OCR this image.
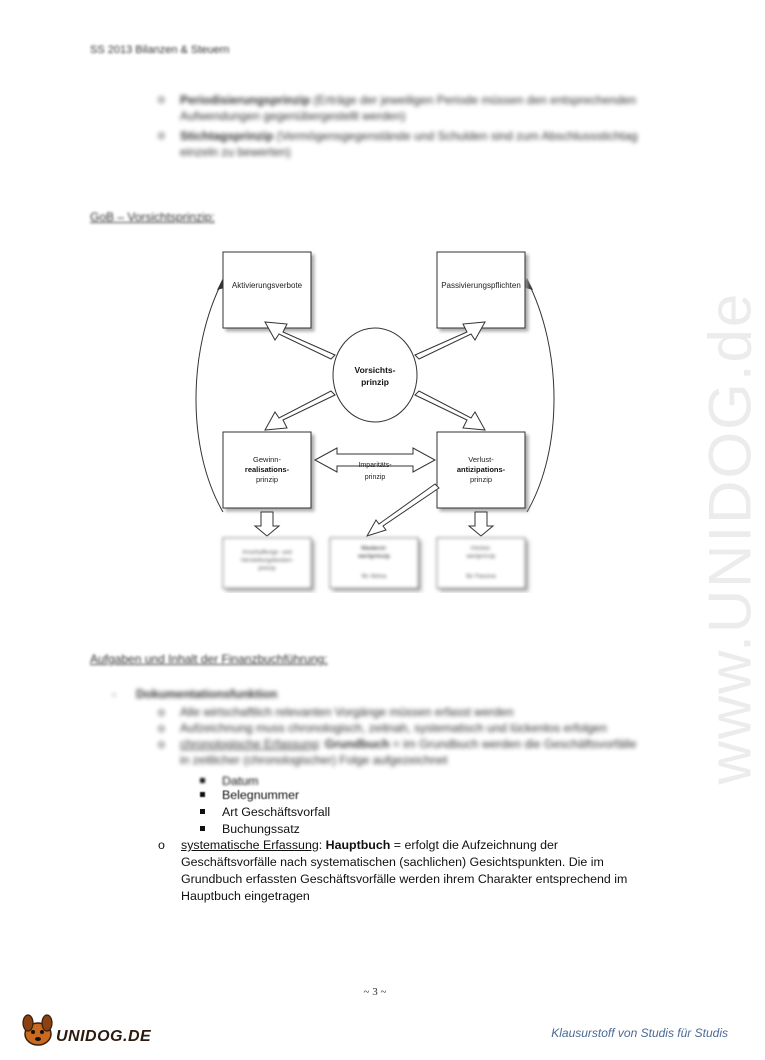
www.UNIDOG.de
SS 2013 Bilanzen & Steuern
o Periodisierungsprinzip (Erträge der jeweiligen Periode müssen den entsprechenden
Aufwendungen gegenübergestellt werden)
o Stichtagsprinzip (Vermögensgegenstände und Schulden sind zum Abschlussstichtag
einzeln zu bewerten)
GoB – Vorsichtsprinzip:
Anschaffungs- und
Herstellungskosten-
prinzip
Niederst-
wertprinzip
für Aktiva
Höchst-
wertprinzip
für Passiva
Aktivierungsverbote	Passivierungspflichten
Vorsichts-
prinzip
Gewinn-
realisations-
prinzip
Verlust-
antizipations-
prinzip
Imparitäts-
prinzip
Aufgaben und Inhalt der Finanzbuchführung:
- Dokumentationsfunktion
o Alle wirtschaftlich relevanten Vorgänge müssen erfasst werden
o Aufzeichnung muss chronologisch, zeitnah, systematisch und lückenlos erfolgen
o chronologische Erfassung: Grundbuch = im Grundbuch werden die Geschäftsvorfälle
in zeitlicher (chronologischer) Folge aufgezeichnet
Datum
Belegnummer
Art Geschäftsvorfall
Buchungssatz
o systematische Erfassung: Hauptbuch = erfolgt die Aufzeichnung der
Geschäftsvorfälle nach systematischen (sachlichen) Gesichtspunkten. Die im
Grundbuch erfassten Geschäftsvorfälle werden ihrem Charakter entsprechend im
Hauptbuch eingetragen
~ 3 ~
UNIDOG.DE	Klausurstoff von Studis für Studis
